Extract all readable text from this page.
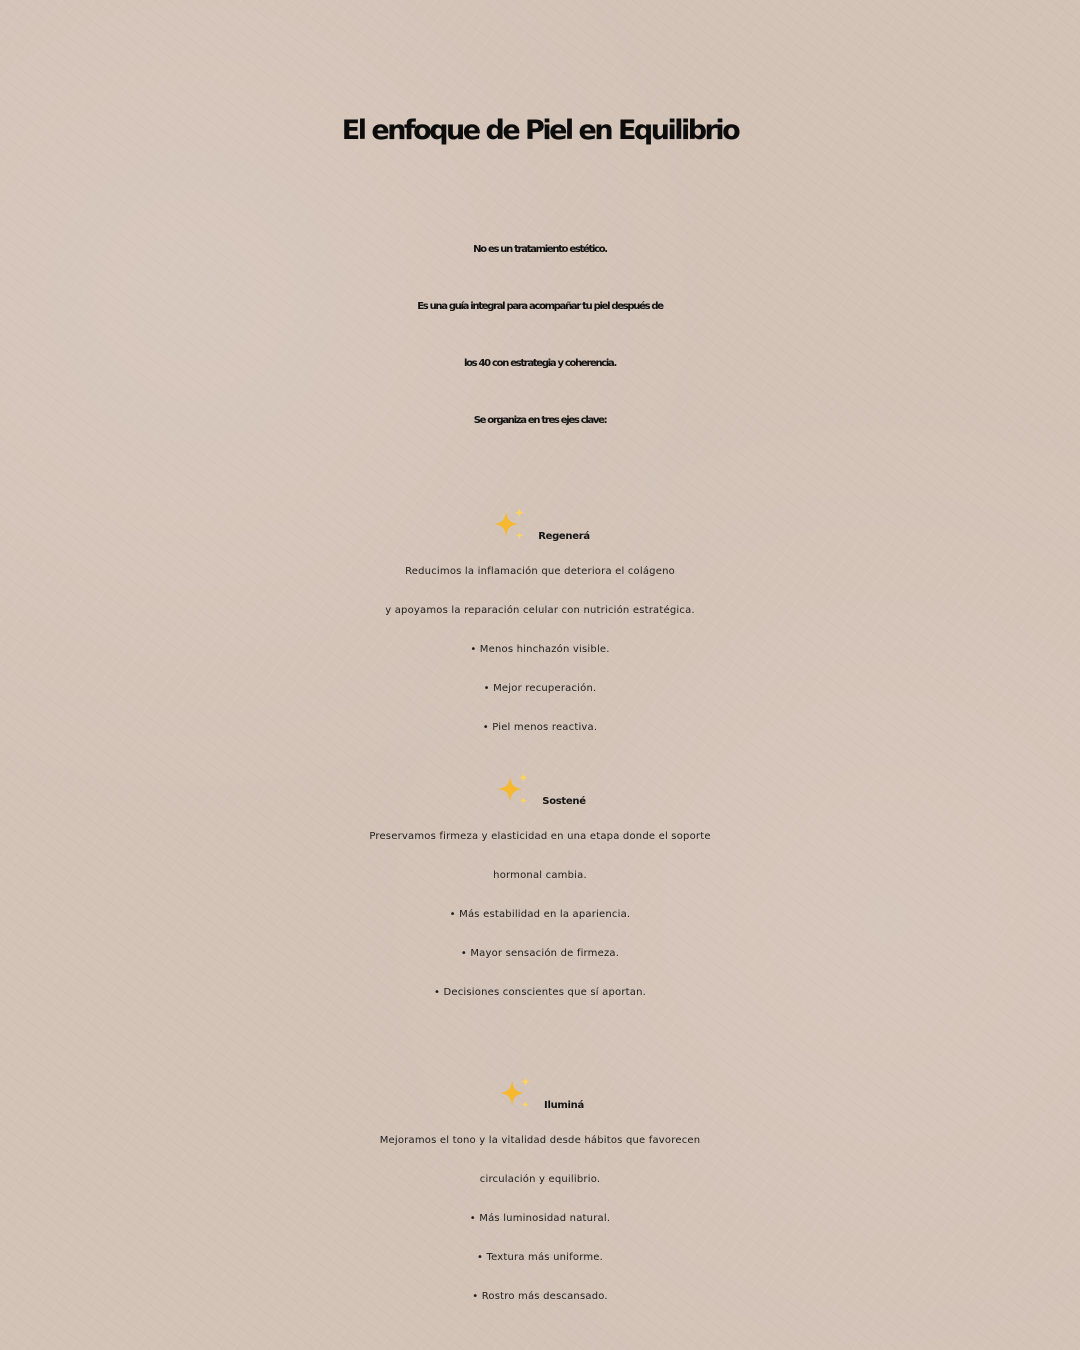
El enfoque de Piel en Equilibrio

No es un tratamiento estético.

Es una guía integral para acompañar tu piel después de

los 40 con estrategia y coherencia.

Se organiza en tres ejes clave:

Regenerá

Reducimos la inflamación que deteriora el colágeno

y apoyamos la reparación celular con nutrición estratégica.

• Menos hinchazón visible.

• Mejor recuperación.

• Piel menos reactiva.

Sostené

Preservamos firmeza y elasticidad en una etapa donde el soporte

hormonal cambia.

• Más estabilidad en la apariencia.

• Mayor sensación de firmeza.

• Decisiones conscientes que sí aportan.

Iluminá

Mejoramos el tono y la vitalidad desde hábitos que favorecen

circulación y equilibrio.

• Más luminosidad natural.

• Textura más uniforme.

• Rostro más descansado.
